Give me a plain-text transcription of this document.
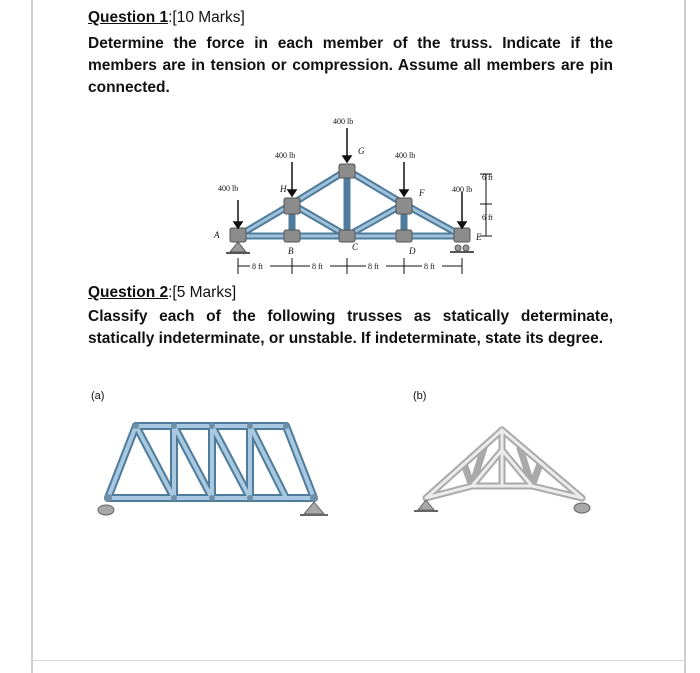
Question 1:[10 Marks]
Determine the force in each member of the truss. Indicate if the members are in tension or compression. Assume all members are pin connected.
400 lb
400 lb
400 lb
400 lb
400 lb
A
B	C	D
E
F
G
H
8 ft	8 ft	8 ft	8 ft
6 ft
6 ft
Question 2:[5 Marks]
Classify each of the following trusses as statically determinate, statically indeterminate, or unstable. If indeterminate, state its degree.
(a)	(b)
